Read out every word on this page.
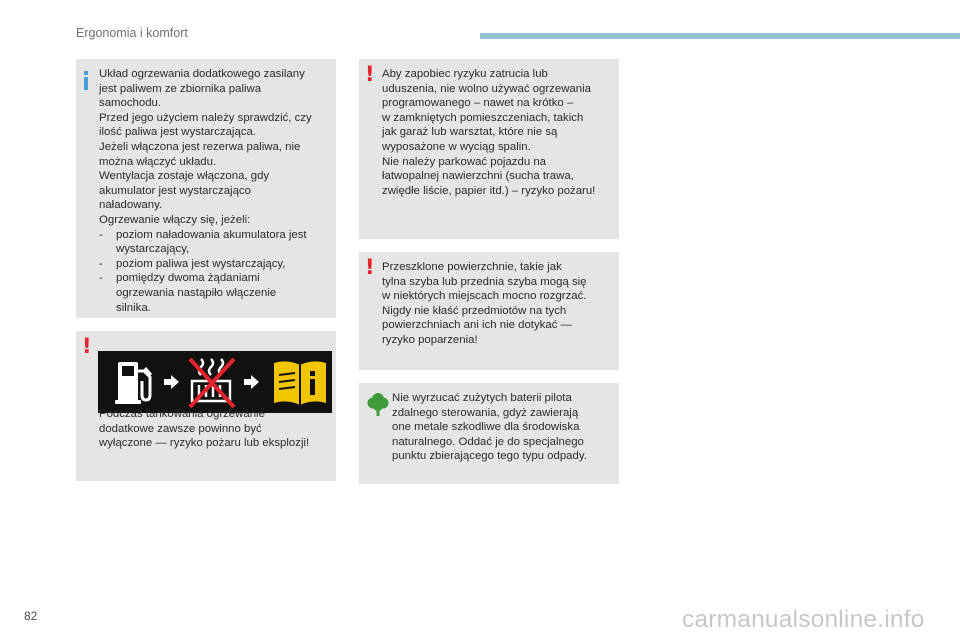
Ergonomia i komfort

Układ ogrzewania dodatkowego zasilany

jest paliwem ze zbiornika paliwa

samochodu.

Przed jego użyciem należy sprawdzić, czy

ilość paliwa jest wystarczająca.

Jeżeli włączona jest rezerwa paliwa, nie

można włączyć układu.

Wentylacja zostaje włączona, gdy

akumulator jest wystarczająco

naładowany.

Ogrzewanie włączy się, jeżeli:

-	poziom naładowania akumulatora jest
wystarczający,
-	poziom paliwa jest wystarczający,
-	pomiędzy dwoma żądaniami
ogrzewania nastąpiło włączenie
silnika.
!

Podczas tankowania ogrzewanie

dodatkowe zawsze powinno być

wyłączone — ryzyko pożaru lub eksplozji!

! Aby zapobiec ryzyku zatrucia lub

uduszenia, nie wolno używać ogrzewania

programowanego – nawet na krótko –

w zamkniętych pomieszczeniach, takich

jak garaż lub warsztat, które nie są

wyposażone w wyciąg spalin.

Nie należy parkować pojazdu na

łatwopalnej nawierzchni (sucha trawa,

zwiędłe liście, papier itd.) – ryzyko pożaru!

! Przeszklone powierzchnie, takie jak

tylna szyba lub przednia szyba mogą się

w niektórych miejscach mocno rozgrzać.

Nigdy nie kłaść przedmiotów na tych

powierzchniach ani ich nie dotykać —

ryzyko poparzenia!

Nie wyrzucać zużytych baterii pilota

zdalnego sterowania, gdyż zawierają

one metale szkodliwe dla środowiska

naturalnego. Oddać je do specjalnego

punktu zbierającego tego typu odpady.

82	carmanualsonline.info
